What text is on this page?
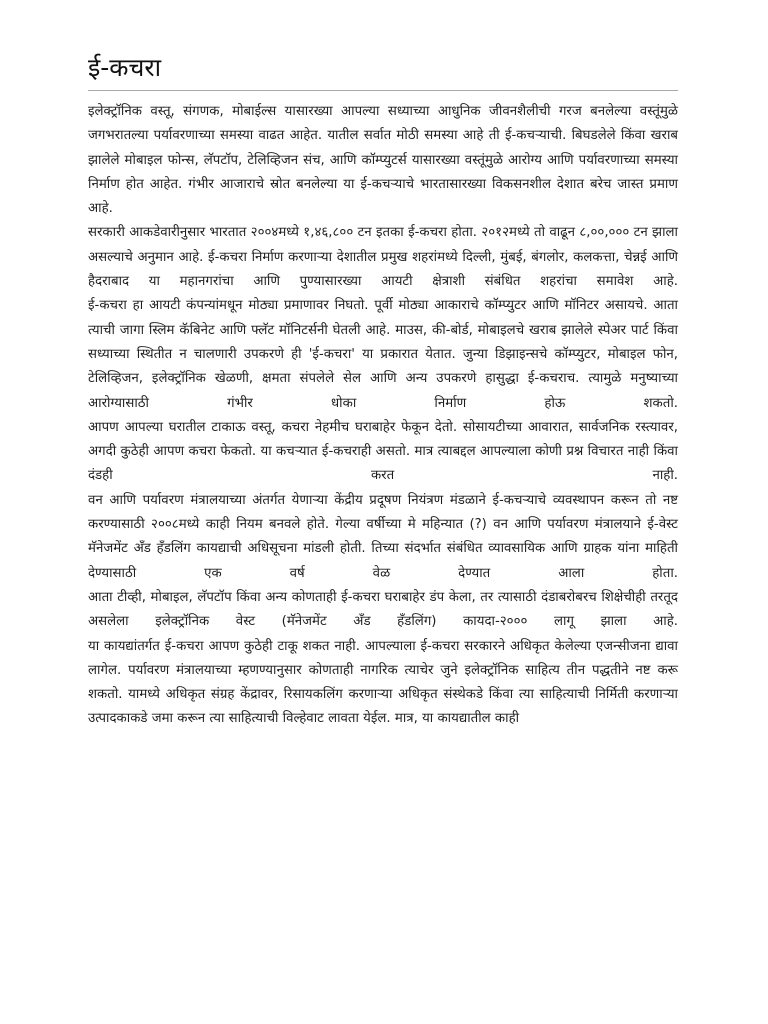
ई-कचरा

इलेक्ट्रॉनिक वस्तू, संगणक, मोबाईल्स यासारख्या आपल्या सध्याच्या आधुनिक जीवनशैलीची गरज बनलेल्या वस्तूंमुळे जगभरातल्या पर्यावरणाच्या समस्या वाढत आहेत. यातील सर्वात मोठी समस्या आहे ती ई-कचऱ्याची. बिघडलेले किंवा खराब झालेले मोबाइल फोन्स, लॅपटॉप, टेलिव्हिजन संच, आणि कॉम्प्युटर्स यासारख्या वस्तूंमुळे आरोग्य आणि पर्यावरणाच्या समस्या निर्माण होत आहेत. गंभीर आजाराचे स्रोत बनलेल्या या ई-कचऱ्याचे भारतासारख्या विकसनशील देशात बरेच जास्त प्रमाण आहे.

सरकारी आकडेवारीनुसार भारतात २००४मध्ये १,४६,८०० टन इतका ई-कचरा होता. २०१२मध्ये तो वाढून ८,००,००० टन झाला असल्याचे अनुमान आहे. ई-कचरा निर्माण करणाऱ्या देशातील प्रमुख शहरांमध्ये दिल्ली, मुंबई, बंगलोर, कलकत्ता, चेन्नई आणि हैदराबाद या महानगरांचा आणि पुण्यासारख्या आयटी क्षेत्राशी संबंधित शहरांचा समावेश आहे.

ई-कचरा हा आयटी कंपन्यांमधून मोठ्या प्रमाणावर निघतो. पूर्वी मोठ्या आकाराचे कॉम्प्युटर आणि मॉनिटर असायचे. आता त्याची जागा स्लिम कॅबिनेट आणि फ्लॅट मॉनिटर्सनी घेतली आहे. माउस, की-बोर्ड, मोबाइलचे खराब झालेले स्पेअर पार्ट किंवा सध्याच्या स्थितीत न चालणारी उपकरणे ही 'ई-कचरा' या प्रकारात येतात. जुन्या डिझाइन्सचे कॉम्प्युटर, मोबाइल फोन, टेलिव्हिजन, इलेक्ट्रॉनिक खेळणी, क्षमता संपलेले सेल आणि अन्य उपकरणे हासुद्धा ई-कचराच. त्यामुळे मनुष्याच्या आरोग्यासाठी गंभीर धोका निर्माण होऊ शकतो.

आपण आपल्या घरातील टाकाऊ वस्तू, कचरा नेहमीच घराबाहेर फेकून देतो. सोसायटीच्या आवारात, सार्वजनिक रस्त्यावर, अगदी कुठेही आपण कचरा फेकतो. या कचऱ्यात ई-कचराही असतो. मात्र त्याबद्दल आपल्याला कोणी प्रश्न विचारत नाही किंवा दंडही करत नाही.

वन आणि पर्यावरण मंत्रालयाच्या अंतर्गत येणाऱ्या केंद्रीय प्रदूषण नियंत्रण मंडळाने ई-कचऱ्याचे व्यवस्थापन करून तो नष्ट करण्यासाठी २००८मध्ये काही नियम बनवले होते. गेल्या वर्षीच्या मे महिन्यात (?) वन आणि पर्यावरण मंत्रालयाने ई-वेस्ट मॅनेजमेंट अँड हँडलिंग कायद्याची अधिसूचना मांडली होती. तिच्या संदर्भात संबंधित व्यावसायिक आणि ग्राहक यांना माहिती देण्यासाठी एक वर्ष वेळ देण्यात आला होता.

आता टीव्ही, मोबाइल, लॅपटॉप किंवा अन्य कोणताही ई-कचरा घराबाहेर डंप केला, तर त्यासाठी दंडाबरोबरच शिक्षेचीही तरतूद असलेला इलेक्ट्रॉनिक वेस्ट (मॅनेजमेंट अँड हँडलिंग) कायदा-२००० लागू झाला आहे.

या कायद्यांतर्गत ई-कचरा आपण कुठेही टाकू शकत नाही. आपल्याला ई-कचरा सरकारने अधिकृत केलेल्या एजन्सीजना द्यावा लागेल. पर्यावरण मंत्रालयाच्या म्हणण्यानुसार कोणताही नागरिक त्याचेर जुने इलेक्ट्रॉनिक साहित्य तीन पद्धतीने नष्ट करू शकतो. यामध्ये अधिकृत संग्रह केंद्रावर, रिसायकलिंग करणाऱ्या अधिकृत संस्थेकडे किंवा त्या साहित्याची निर्मिती करणाऱ्या उत्पादकाकडे जमा करून त्या साहित्याची विल्हेवाट लावता येईल. मात्र, या कायद्यातील काही
